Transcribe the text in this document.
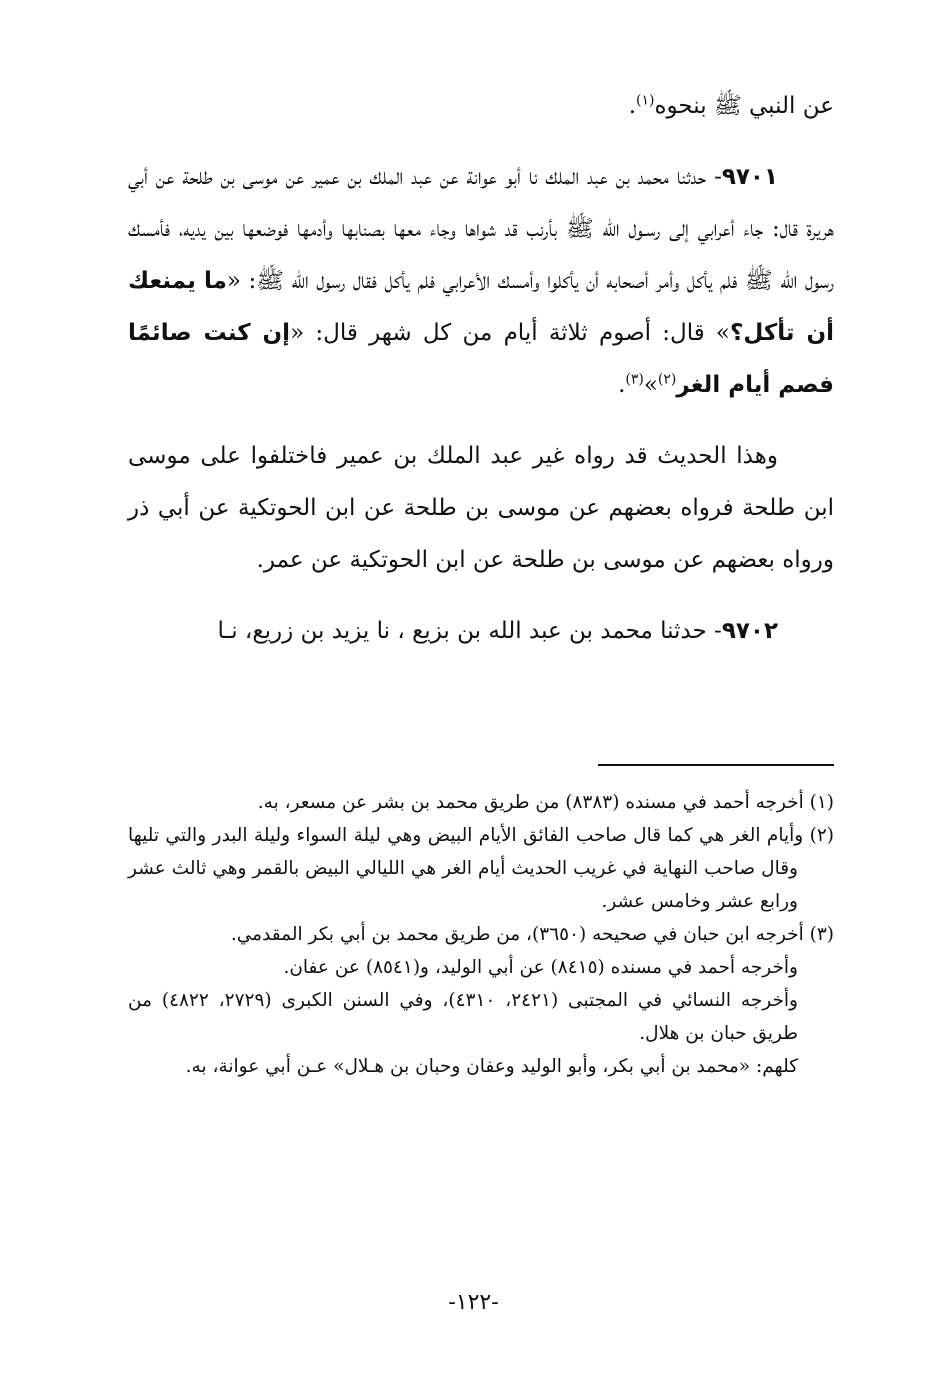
عن النبي ﷺ بنحوه$^{(١)}$.

٩٧٠١- حدثنا محمد بن عبد الملك نا أبو عوانة عن عبد الملك بن عمير عن موسى بن طلحة عن أبي هريرة قال: جاء أعرابي إلى رسـول الله ﷺ بأرنب قد شواها وجاء معها بصنابها وأدمها فوضعها بين يديه، فأمسك رسول الله ﷺ فلم يأكل وأمر أصحابه أن يأكلوا وأمسك الأعرابي فلم يأكل فقال رسول الله ﷺ: «ما يمنعك أن تأكل؟» قال: أصوم ثلاثة أيام من كل شهر قال: «إن كنت صائمًا فصم أيام الغر$^{(٢)}$»$^{(٣)}$.

وهذا الحديث قد رواه غير عبد الملك بن عمير فاختلفوا على موسى ابن طلحة فرواه بعضهم عن موسى بن طلحة عن ابن الحوتكية عن أبي ذر ورواه بعضهم عن موسى بن طلحة عن ابن الحوتكية عن عمر.

٩٧٠٢- حدثنا محمد بن عبد الله بن بزيع ، نا يزيد بن زريع، نـا

(١) أخرجه أحمد في مسنده (٨٣٨٣) من طريق محمد بن بشر عن مسعر، به.

(٢) وأيام الغر هي كما قال صاحب الفائق الأيام البيض وهي ليلة السواء وليلة البدر والتي تليها وقال صاحب النهاية في غريب الحديث أيام الغر هي الليالي البيض بالقمر وهي ثالث عشر ورابع عشر وخامس عشر.

(٣) أخرجه ابن حبان في صحيحه (٣٦٥٠)، من طريق محمد بن أبي بكر المقدمي.

وأخرجه أحمد في مسنده (٨٤١٥) عن أبي الوليد، و(٨٥٤١) عن عفان.

وأخرجه النسائي في المجتبى (٢٤٢١، ٤٣١٠)، وفي السنن الكبرى (٢٧٢٩، ٤٨٢٢) من طريق حبان بن هلال.

كلهم: «محمد بن أبي بكر، وأبو الوليد وعفان وحبان بن هـلال» عـن أبي عوانة، به.

-١٢٢-
